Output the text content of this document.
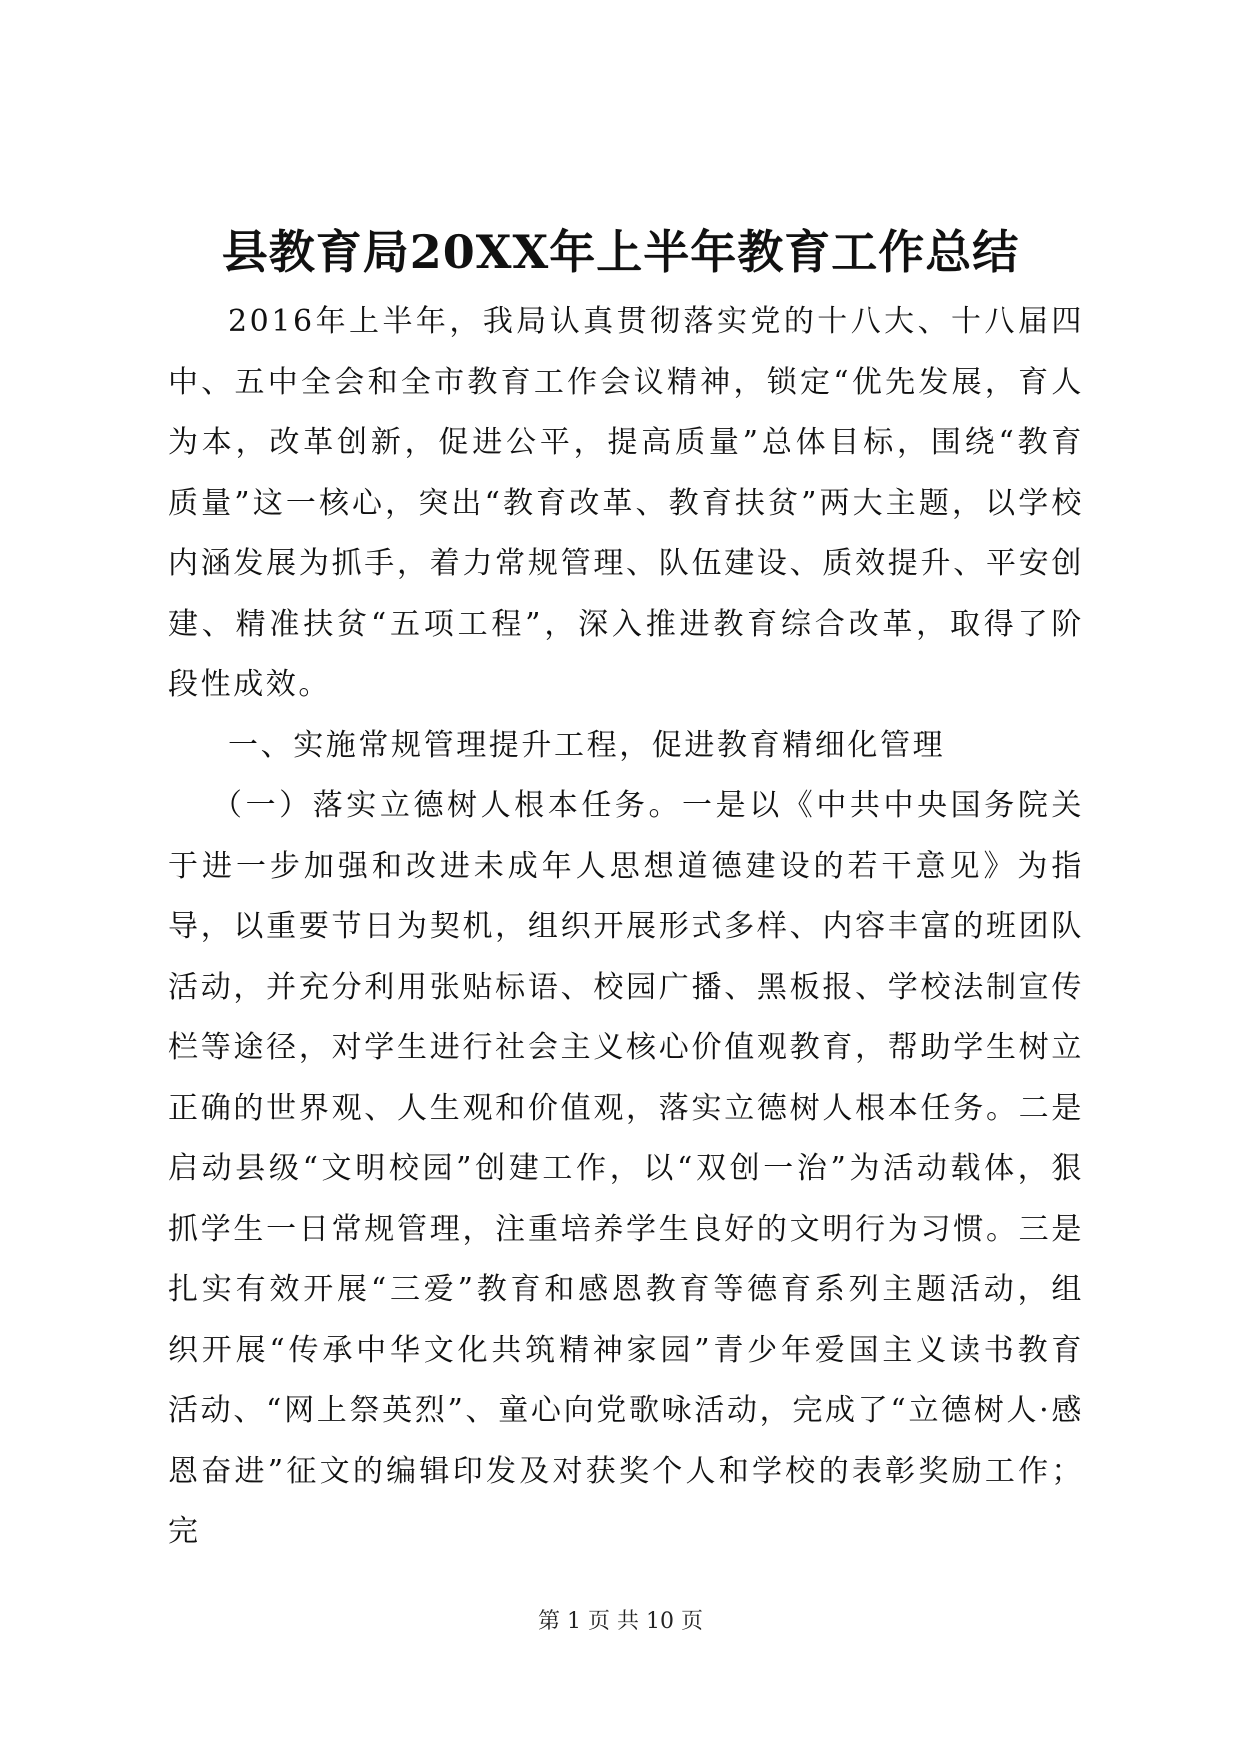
县教育局20XX年上半年教育工作总结

2016年上半年，我局认真贯彻落实党的十八大、十八届四中、五中全会和全市教育工作会议精神，锁定“优先发展，育人为本，改革创新，促进公平，提高质量”总体目标，围绕“教育质量”这一核心，突出“教育改革、教育扶贫”两大主题，以学校内涵发展为抓手，着力常规管理、队伍建设、质效提升、平安创建、精准扶贫“五项工程”，深入推进教育综合改革，取得了阶段性成效。

一、实施常规管理提升工程，促进教育精细化管理

（一）落实立德树人根本任务。一是以《中共中央国务院关于进一步加强和改进未成年人思想道德建设的若干意见》为指导，以重要节日为契机，组织开展形式多样、内容丰富的班团队活动，并充分利用张贴标语、校园广播、黑板报、学校法制宣传栏等途径，对学生进行社会主义核心价值观教育，帮助学生树立正确的世界观、人生观和价值观，落实立德树人根本任务。二是启动县级“文明校园”创建工作，以“双创一治”为活动载体，狠抓学生一日常规管理，注重培养学生良好的文明行为习惯。三是扎实有效开展“三爱”教育和感恩教育等德育系列主题活动，组织开展“传承中华文化共筑精神家园”青少年爱国主义读书教育活动、“网上祭英烈”、童心向党歌咏活动，完成了“立德树人·感恩奋进”征文的编辑印发及对获奖个人和学校的表彰奖励工作；完

第 1 页 共 10 页
